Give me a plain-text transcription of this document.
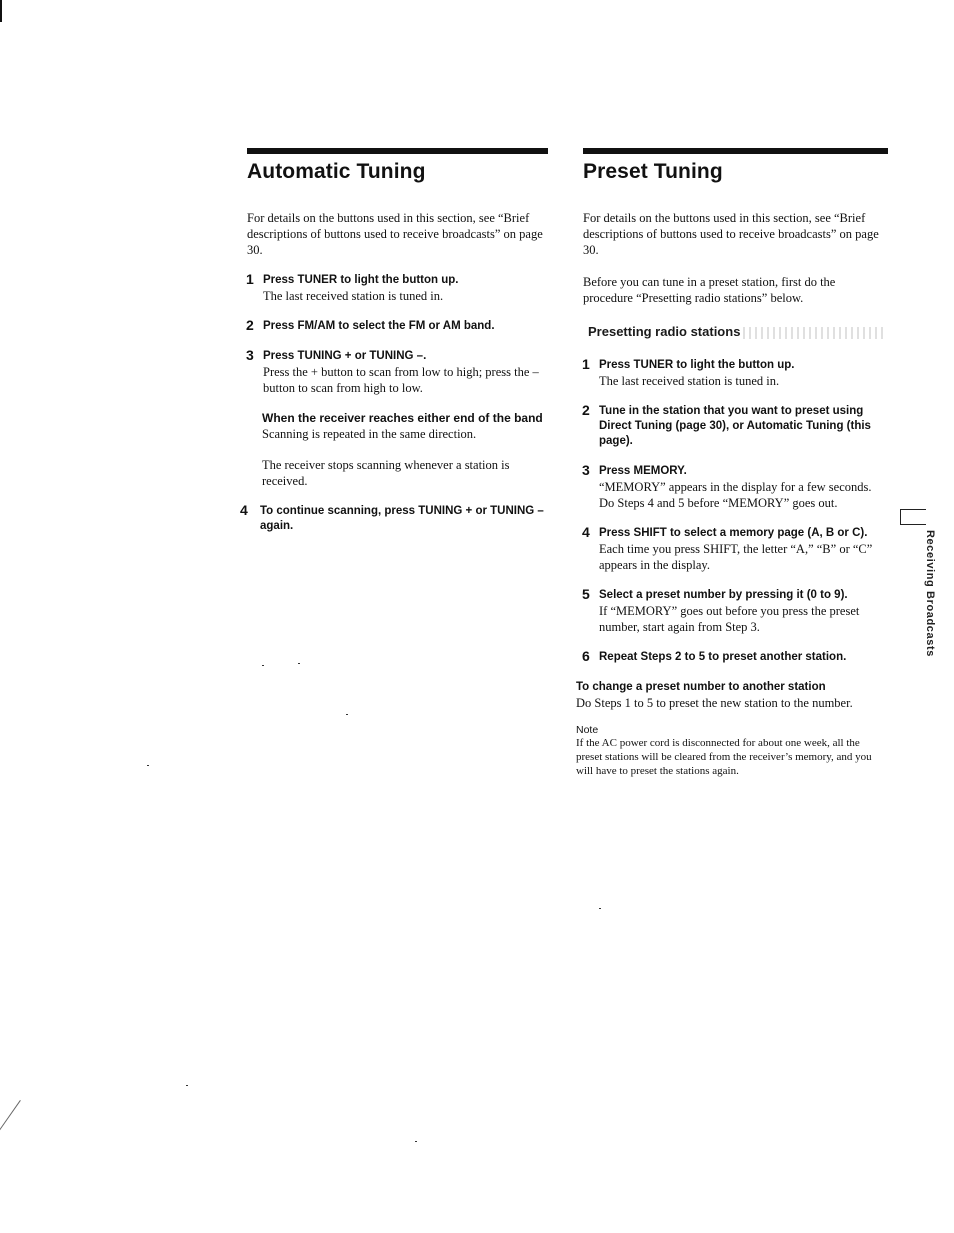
Automatic Tuning

For details on the buttons used in this section, see “Brief descriptions of buttons used to receive broadcasts” on page 30.

1 Press TUNER to light the button up.

The last received station is tuned in.

2 Press FM/AM to select the FM or AM band.

3 Press TUNING + or TUNING –.

Press the + button to scan from low to high; press the – button to scan from high to low.

When the receiver reaches either end of the band

Scanning is repeated in the same direction.

The receiver stops scanning whenever a station is received.

4 To continue scanning, press TUNING + or TUNING – again.

Preset Tuning

For details on the buttons used in this section, see “Brief descriptions of buttons used to receive broadcasts” on page 30.

Before you can tune in a preset station, first do the procedure “Presetting radio stations” below.

Presetting radio stations

1 Press TUNER to light the button up.

The last received station is tuned in.

2 Tune in the station that you want to preset using Direct Tuning (page 30), or Automatic Tuning (this page).

3 Press MEMORY.

“MEMORY” appears in the display for a few seconds. Do Steps 4 and 5 before “MEMORY” goes out.

4 Press SHIFT to select a memory page (A, B or C).

Each time you press SHIFT, the letter “A,” “B” or “C” appears in the display.

5 Select a preset number by pressing it (0 to 9).

If “MEMORY” goes out before you press the preset number, start again from Step 3.

6 Repeat Steps 2 to 5 to preset another station.

To change a preset number to another station

Do Steps 1 to 5 to preset the new station to the number.

Note

If the AC power cord is disconnected for about one week, all the preset stations will be cleared from the receiver’s memory, and you will have to preset the stations again.

Receiving Broadcasts
